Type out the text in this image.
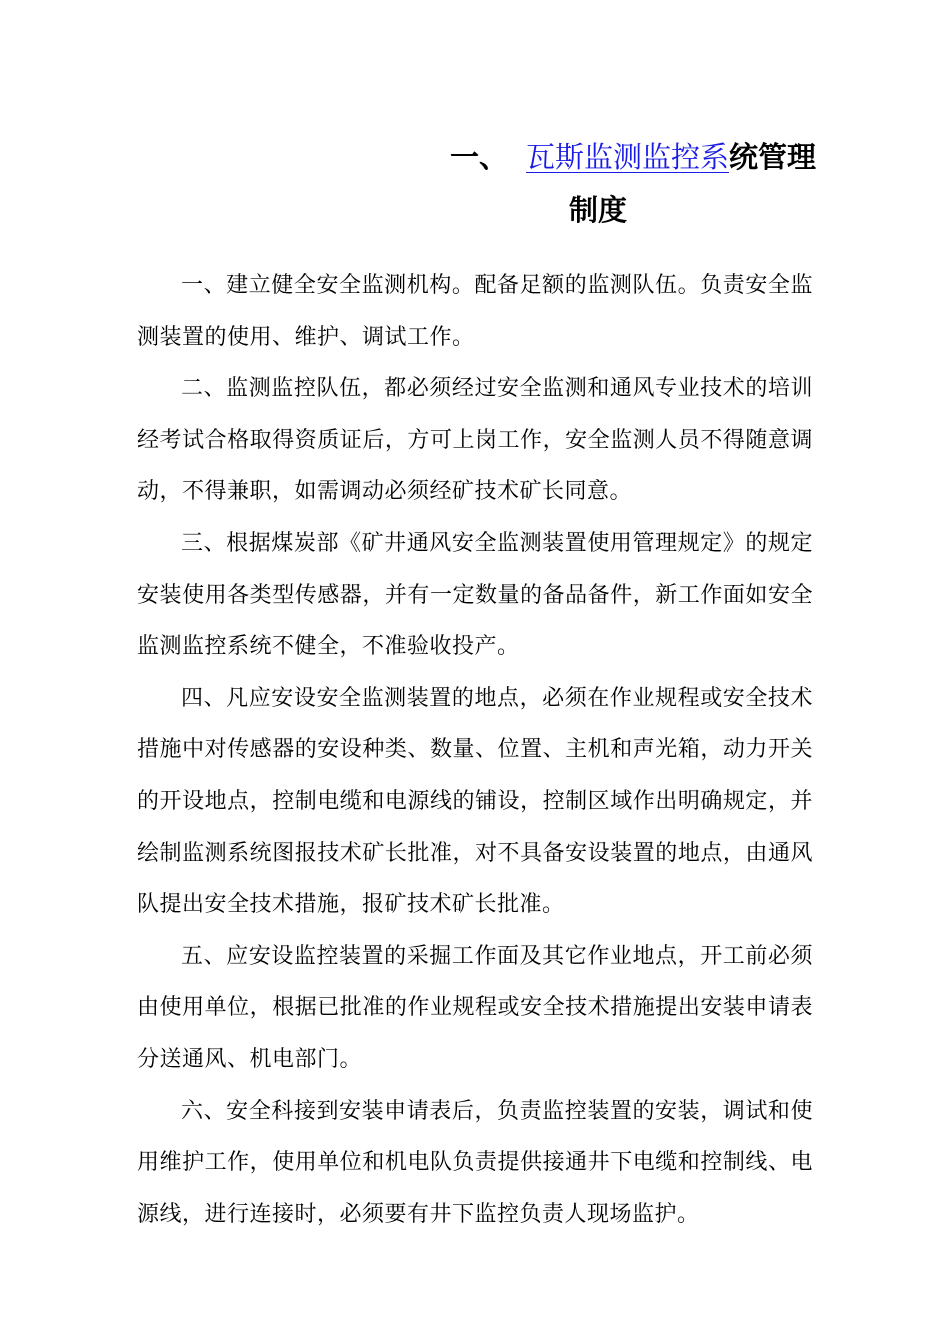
一、 瓦斯监测监控系统管理
制度

一、建立健全安全监测机构。配备足额的监测队伍。负责安全监测装置的使用、维护、调试工作。

二、监测监控队伍，都必须经过安全监测和通风专业技术的培训经考试合格取得资质证后，方可上岗工作，安全监测人员不得随意调动，不得兼职，如需调动必须经矿技术矿长同意。

三、根据煤炭部《矿井通风安全监测装置使用管理规定》的规定安装使用各类型传感器，并有一定数量的备品备件，新工作面如安全监测监控系统不健全，不准验收投产。

四、凡应安设安全监测装置的地点，必须在作业规程或安全技术措施中对传感器的安设种类、数量、位置、主机和声光箱，动力开关的开设地点，控制电缆和电源线的铺设，控制区域作出明确规定，并绘制监测系统图报技术矿长批准，对不具备安设装置的地点，由通风队提出安全技术措施，报矿技术矿长批准。

五、应安设监控装置的采掘工作面及其它作业地点，开工前必须由使用单位，根据已批准的作业规程或安全技术措施提出安装申请表分送通风、机电部门。

六、安全科接到安装申请表后，负责监控装置的安装，调试和使用维护工作，使用单位和机电队负责提供接通井下电缆和控制线、电源线，进行连接时，必须要有井下监控负责人现场监护。
